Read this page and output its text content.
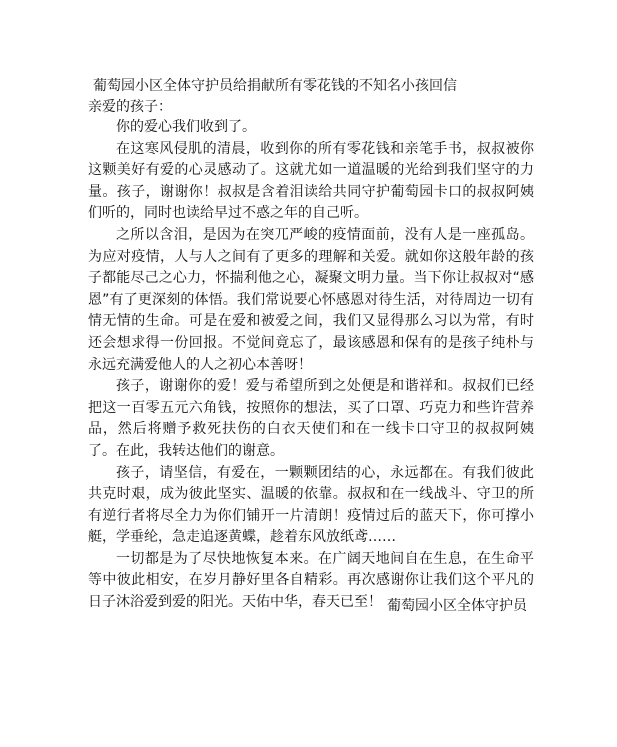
葡萄园小区全体守护员给捐献所有零花钱的不知名小孩回信
亲爱的孩子：

你的爱心我们收到了。

在这寒风侵肌的清晨，收到你的所有零花钱和亲笔手书，叔叔被你这颗美好有爱的心灵感动了。这就尤如一道温暖的光给到我们坚守的力量。孩子，谢谢你！叔叔是含着泪读给共同守护葡萄园卡口的叔叔阿姨们听的，同时也读给早过不惑之年的自己听。

之所以含泪，是因为在突兀严峻的疫情面前，没有人是一座孤岛。为应对疫情，人与人之间有了更多的理解和关爱。就如你这般年龄的孩子都能尽己之心力，怀揣利他之心，凝聚文明力量。当下你让叔叔对“感恩”有了更深刻的体悟。我们常说要心怀感恩对待生活，对待周边一切有情无情的生命。可是在爱和被爱之间，我们又显得那么习以为常，有时还会想求得一份回报。不觉间竟忘了，最该感恩和保有的是孩子纯朴与永远充满爱他人的人之初心本善呀！

孩子，谢谢你的爱！爱与希望所到之处便是和谐祥和。叔叔们已经把这一百零五元六角钱，按照你的想法，买了口罩、巧克力和些许营养品，然后将赠予救死扶伤的白衣天使们和在一线卡口守卫的叔叔阿姨了。在此，我转达他们的谢意。

孩子，请坚信，有爱在，一颗颗团结的心，永远都在。有我们彼此共克时艰，成为彼此坚实、温暖的依靠。叔叔和在一线战斗、守卫的所有逆行者将尽全力为你们铺开一片清朗！疫情过后的蓝天下，你可撑小艇，学垂纶，急走追逐黄蝶，趁着东风放纸鸢……

一切都是为了尽快地恢复本来。在广阔天地间自在生息，在生命平等中彼此相安，在岁月静好里各自精彩。再次感谢你让我们这个平凡的日子沐浴爱到爱的阳光。天佑中华，春天已至！ 葡萄园小区全体守护员
